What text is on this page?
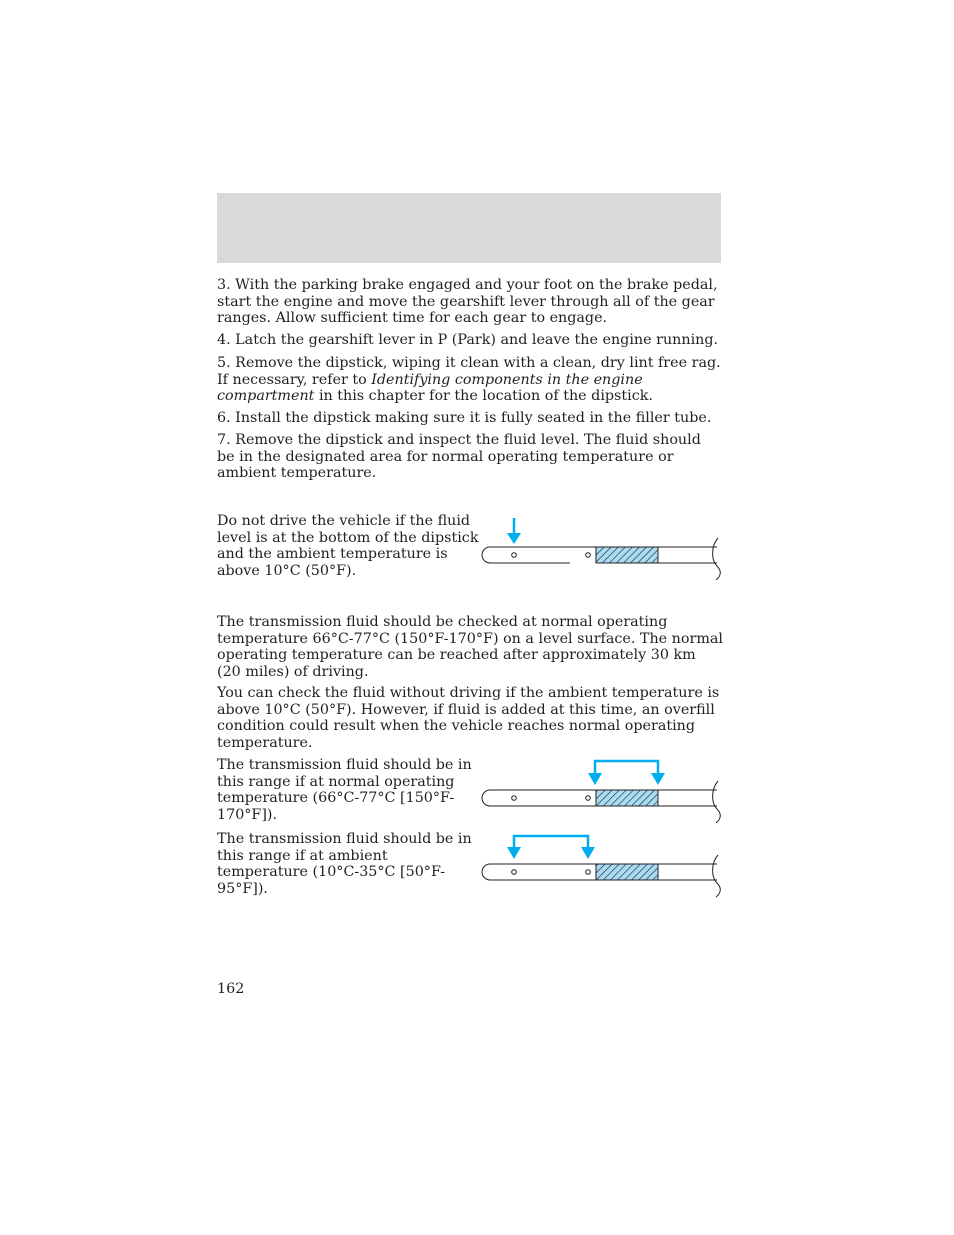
3. With the parking brake engaged and your foot on the brake pedal, start the engine and move the gearshift lever through all of the gear ranges. Allow sufficient time for each gear to engage.

4. Latch the gearshift lever in P (Park) and leave the engine running.

5. Remove the dipstick, wiping it clean with a clean, dry lint free rag. If necessary, refer to Identifying components in the engine compartment in this chapter for the location of the dipstick.

6. Install the dipstick making sure it is fully seated in the filler tube.

7. Remove the dipstick and inspect the fluid level. The fluid should be in the designated area for normal operating temperature or ambient temperature.

Do not drive the vehicle if the fluid level is at the bottom of the dipstick and the ambient temperature is above 10°C (50°F).

The transmission fluid should be checked at normal operating temperature 66°C-77°C (150°F-170°F) on a level surface. The normal operating temperature can be reached after approximately 30 km (20 miles) of driving.

You can check the fluid without driving if the ambient temperature is above 10°C (50°F). However, if fluid is added at this time, an overfill condition could result when the vehicle reaches normal operating temperature.

The transmission fluid should be in this range if at normal operating temperature (66°C-77°C [150°F-170°F]).

The transmission fluid should be in this range if at ambient temperature (10°C-35°C [50°F-95°F]).

162
